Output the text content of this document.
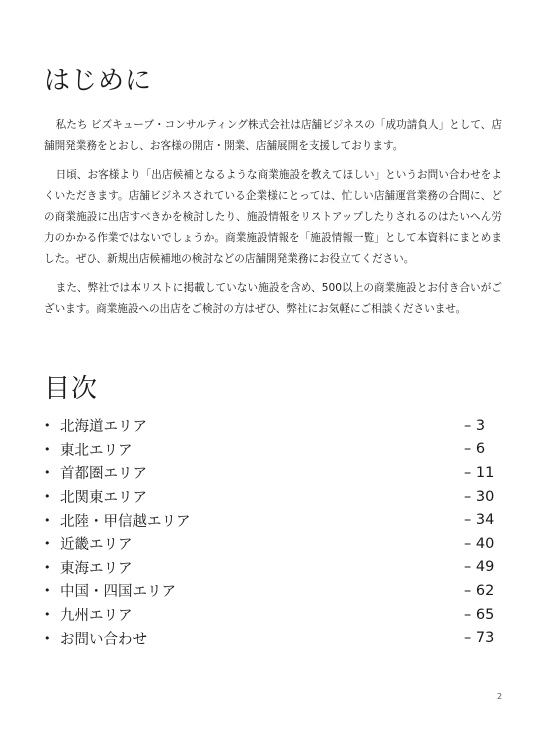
はじめに

私たち ビズキューブ・コンサルティング株式会社は店舗ビジネスの「成功請負人」として、店舗開発業務をとおし、お客様の開店・開業、店舗展開を支援しております。

日頃、お客様より「出店候補となるような商業施設を教えてほしい」というお問い合わせをよくいただきます。店舗ビジネスされている企業様にとっては、忙しい店舗運営業務の合間に、どの商業施設に出店すべきかを検討したり、施設情報をリストアップしたりされるのはたいへん労力のかかる作業ではないでしょうか。商業施設情報を「施設情報一覧」として本資料にまとめました。ぜひ、新規出店候補地の検討などの店舗開発業務にお役立てください。

また、弊社では本リストに掲載していない施設を含め、500以上の商業施設とお付き合いがございます。商業施設への出店をご検討の方はぜひ、弊社にお気軽にご相談くださいませ。

目次
• 北海道エリア	– 3
• 東北エリア	– 6
• 首都圏エリア	– 11
• 北関東エリア	– 30
• 北陸・甲信越エリア	– 34
• 近畿エリア	– 40
• 東海エリア	– 49
• 中国・四国エリア	– 62
• 九州エリア	– 65
• お問い合わせ	– 73
2
